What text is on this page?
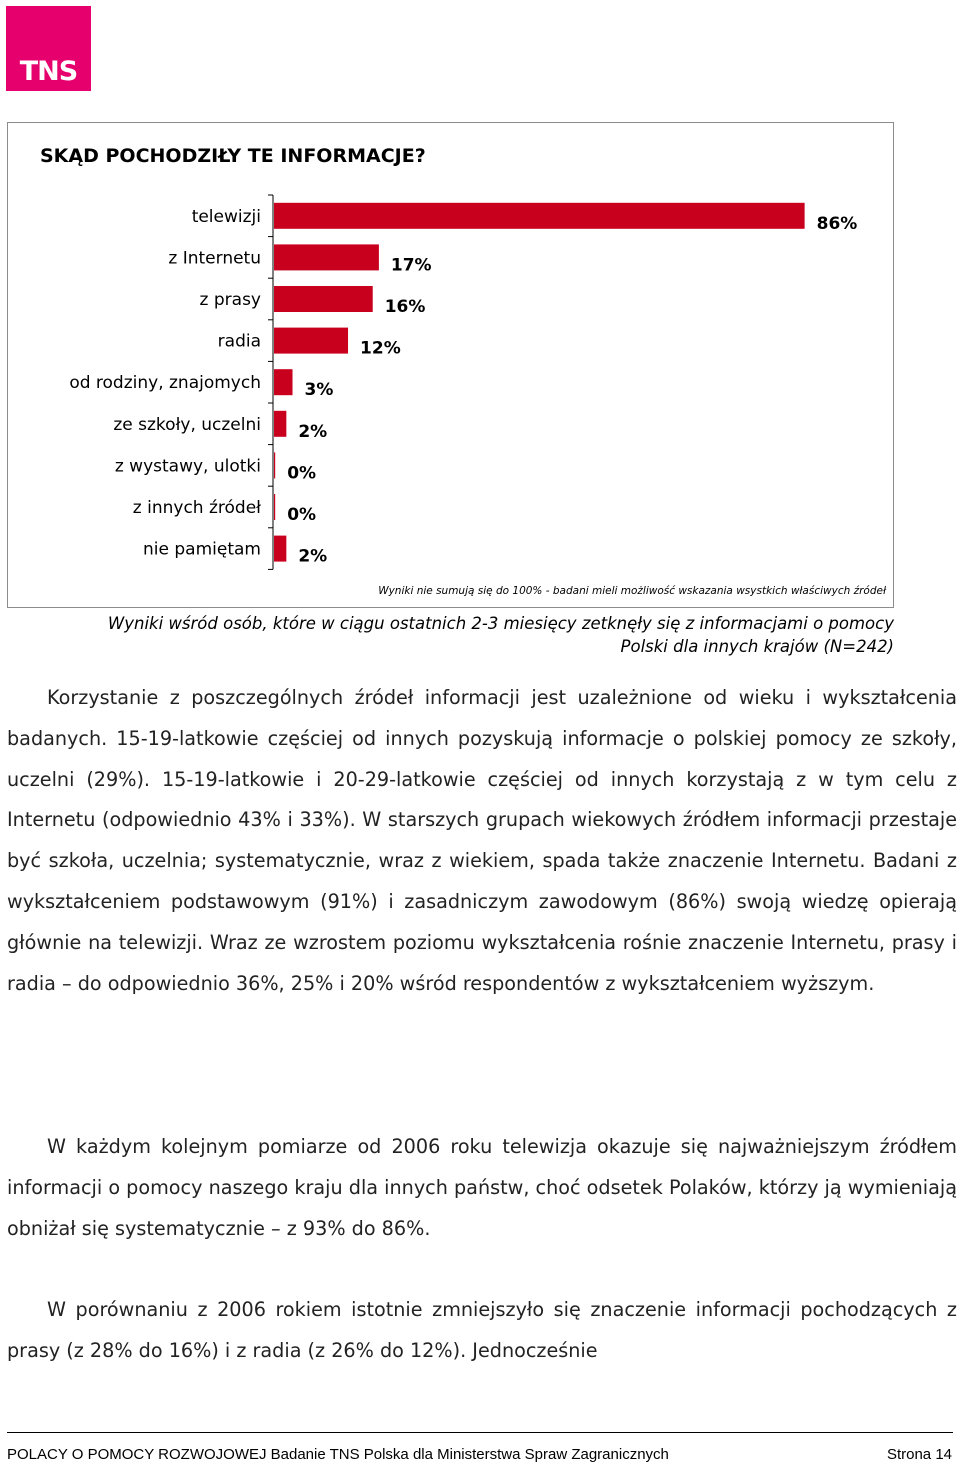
TNS
SKĄD POCHODZIŁY TE INFORMACJE?
telewizji	86%
z Internetu	17%
z prasy	16%
radia	12%
od rodziny, znajomych	3%
ze szkoły, uczelni 2%
z wystawy, ulotki 0%
z innych źródeł 0%
nie pamiętam 2%
Wyniki nie sumują się do 100% - badani mieli możliwość wskazania wsystkich właściwych źródeł
Wyniki wśród osób, które w ciągu ostatnich 2-3 miesięcy zetknęły się z informacjami o pomocy Polski dla innych krajów (N=242)

Korzystanie z poszczególnych źródeł informacji jest uzależnione od wieku i wykształcenia badanych. 15-19-latkowie częściej od innych pozyskują informacje o polskiej pomocy ze szkoły, uczelni (29%). 15-19-latkowie i 20-29-latkowie częściej od innych korzystają z w tym celu z Internetu (odpowiednio 43% i 33%). W starszych grupach wiekowych źródłem informacji przestaje być szkoła, uczelnia; systematycznie, wraz z wiekiem, spada także znaczenie Internetu. Badani z wykształceniem podstawowym (91%) i zasadniczym zawodowym (86%) swoją wiedzę opierają głównie na telewizji. Wraz ze wzrostem poziomu wykształcenia rośnie znaczenie Internetu, prasy i radia – do odpowiednio 36%, 25% i 20% wśród respondentów z wykształceniem wyższym.

W każdym kolejnym pomiarze od 2006 roku telewizja okazuje się najważniejszym źródłem informacji o pomocy naszego kraju dla innych państw, choć odsetek Polaków, którzy ją wymieniają obniżał się systematycznie – z 93% do 86%.

W porównaniu z 2006 rokiem istotnie zmniejszyło się znaczenie informacji pochodzących z prasy (z 28% do 16%) i z radia (z 26% do 12%). Jednocześnie

POLACY O POMOCY ROZWOJOWEJ Badanie TNS Polska dla Ministerstwa Spraw Zagranicznych	Strona 14
